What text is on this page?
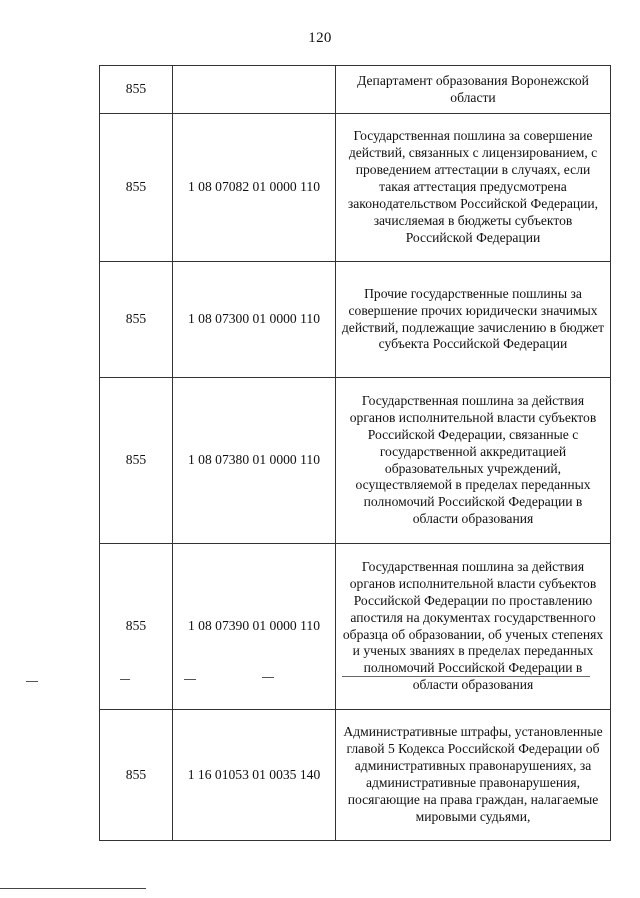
120
855		Департамент образования Воронежской области
855	1 08 07082 01 0000 110	Государственная пошлина за совершение действий, связанных с лицензированием, с проведением аттестации в случаях, если такая аттестация предусмотрена законодательством Российской Федерации, зачисляемая в бюджеты субъектов Российской Федерации
855	1 08 07300 01 0000 110	Прочие государственные пошлины за совершение прочих юридически значимых действий, подлежащие зачислению в бюджет субъекта Российской Федерации
855	1 08 07380 01 0000 110	Государственная пошлина за действия органов исполнительной власти субъектов Российской Федерации, связанные с государственной аккредитацией образовательных учреждений, осуществляемой в пределах переданных полномочий Российской Федерации в области образования
855	1 08 07390 01 0000 110	Государственная пошлина за действия органов исполнительной власти субъектов Российской Федерации по проставлению апостиля на документах государственного образца об образовании, об ученых степенях и ученых званиях в пределах переданных полномочий Российской Федерации в области образования
855	1 16 01053 01 0035 140	Административные штрафы, установленные главой 5 Кодекса Российской Федерации об административных правонарушениях, за административные правонарушения, посягающие на права граждан, налагаемые мировыми судьями,
